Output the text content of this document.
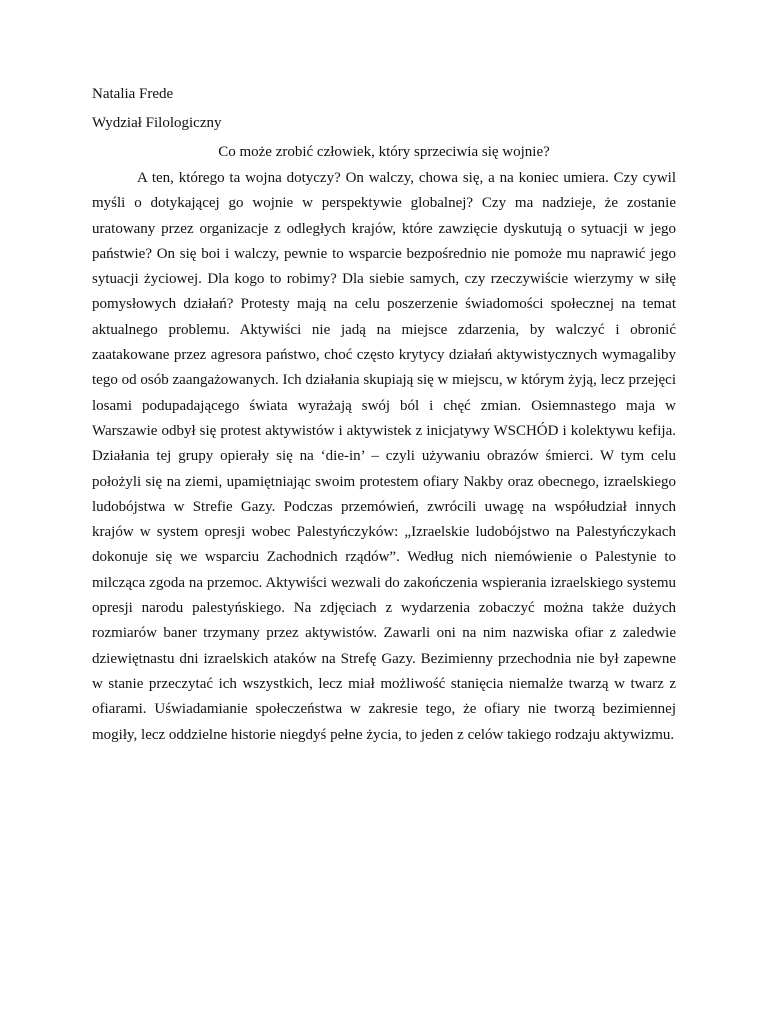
Natalia Frede

Wydział Filologiczny

Co może zrobić człowiek, który sprzeciwia się wojnie?

A ten, którego ta wojna dotyczy? On walczy, chowa się, a na koniec umiera. Czy cywil myśli o dotykającej go wojnie w perspektywie globalnej? Czy ma nadzieje, że zostanie uratowany przez organizacje z odległych krajów, które zawzięcie dyskutują o sytuacji w jego państwie? On się boi i walczy, pewnie to wsparcie bezpośrednio nie pomoże mu naprawić jego sytuacji życiowej. Dla kogo to robimy? Dla siebie samych, czy rzeczywiście wierzymy w siłę pomysłowych działań? Protesty mają na celu poszerzenie świadomości społecznej na temat aktualnego problemu. Aktywiści nie jadą na miejsce zdarzenia, by walczyć i obronić zaatakowane przez agresora państwo, choć często krytycy działań aktywistycznych wymagaliby tego od osób zaangażowanych. Ich działania skupiają się w miejscu, w którym żyją, lecz przejęci losami podupadającego świata wyrażają swój ból i chęć zmian. Osiemnastego maja w Warszawie odbył się protest aktywistów i aktywistek z inicjatywy WSCHÓD i kolektywu kefija. Działania tej grupy opierały się na ‘die-in’ – czyli używaniu obrazów śmierci. W tym celu położyli się na ziemi, upamiętniając swoim protestem ofiary Nakby oraz obecnego, izraelskiego ludobójstwa w Strefie Gazy. Podczas przemówień, zwrócili uwagę na współudział innych krajów w system opresji wobec Palestyńczyków: „Izraelskie ludobójstwo na Palestyńczykach dokonuje się we wsparciu Zachodnich rządów”. Według nich niemówienie o Palestynie to milcząca zgoda na przemoc. Aktywiści wezwali do zakończenia wspierania izraelskiego systemu opresji narodu palestyńskiego. Na zdjęciach z wydarzenia zobaczyć można także dużych rozmiarów baner trzymany przez aktywistów. Zawarli oni na nim nazwiska ofiar z zaledwie dziewiętnastu dni izraelskich ataków na Strefę Gazy. Bezimienny przechodnia nie był zapewne w stanie przeczytać ich wszystkich, lecz miał możliwość stanięcia niemalże twarzą w twarz z ofiarami. Uświadamianie społeczeństwa w zakresie tego, że ofiary nie tworzą bezimiennej mogiły, lecz oddzielne historie niegdyś pełne życia, to jeden z celów takiego rodzaju aktywizmu.
